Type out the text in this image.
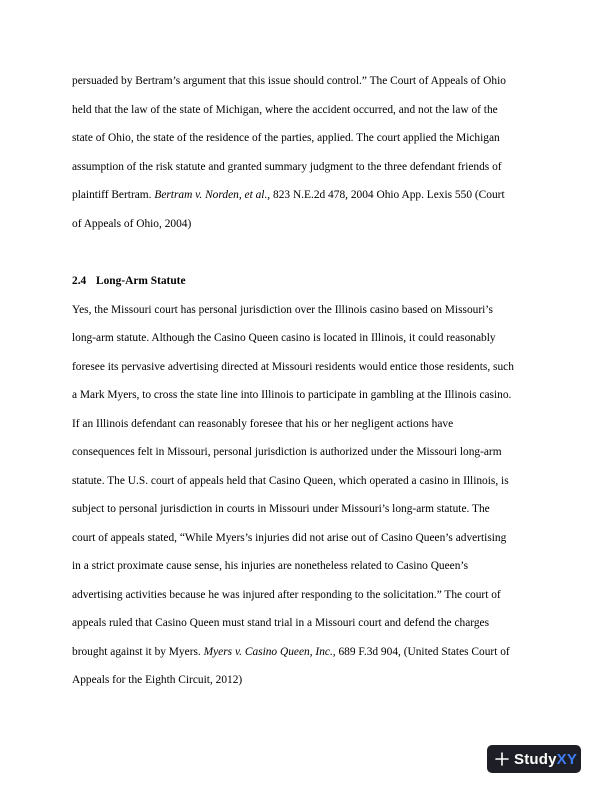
persuaded by Bertram’s argument that this issue should control.” The Court of Appeals of Ohio
held that the law of the state of Michigan, where the accident occurred, and not the law of the
state of Ohio, the state of the residence of the parties, applied. The court applied the Michigan
assumption of the risk statute and granted summary judgment to the three defendant friends of
plaintiff Bertram. Bertram v. Norden, et al., 823 N.E.2d 478, 2004 Ohio App. Lexis 550 (Court
of Appeals of Ohio, 2004)
2.4 Long-Arm Statute
Yes, the Missouri court has personal jurisdiction over the Illinois casino based on Missouri’s
long-arm statute. Although the Casino Queen casino is located in Illinois, it could reasonably
foresee its pervasive advertising directed at Missouri residents would entice those residents, such
a Mark Myers, to cross the state line into Illinois to participate in gambling at the Illinois casino.
If an Illinois defendant can reasonably foresee that his or her negligent actions have
consequences felt in Missouri, personal jurisdiction is authorized under the Missouri long-arm
statute. The U.S. court of appeals held that Casino Queen, which operated a casino in Illinois, is
subject to personal jurisdiction in courts in Missouri under Missouri’s long-arm statute. The
court of appeals stated, “While Myers’s injuries did not arise out of Casino Queen’s advertising
in a strict proximate cause sense, his injuries are nonetheless related to Casino Queen’s
advertising activities because he was injured after responding to the solicitation.” The court of
appeals ruled that Casino Queen must stand trial in a Missouri court and defend the charges
brought against it by Myers. Myers v. Casino Queen, Inc., 689 F.3d 904, (United States Court of
Appeals for the Eighth Circuit, 2012)
StudyXY
